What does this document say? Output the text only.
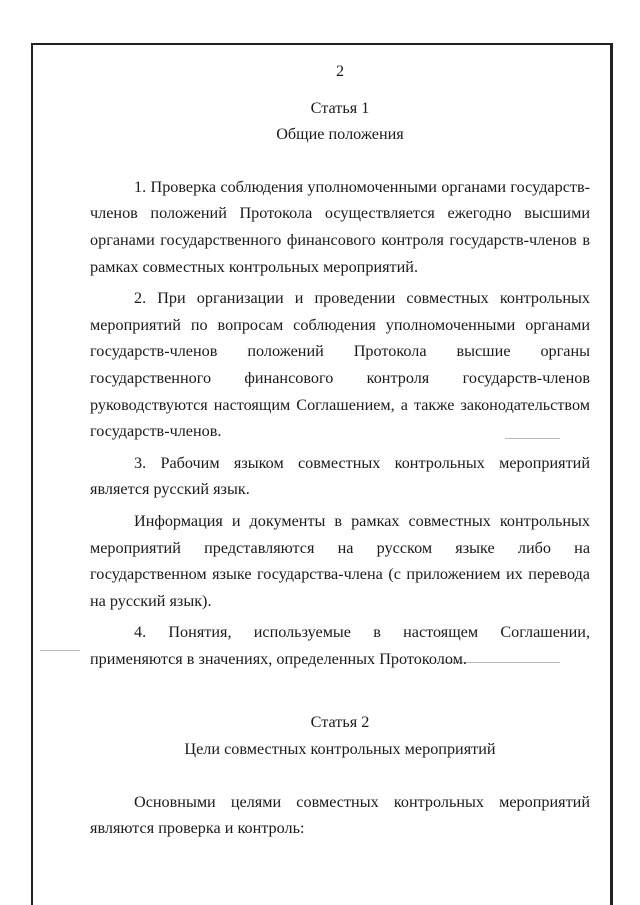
2

Статья 1

Общие положения

1. Проверка соблюдения уполномоченными органами государств-членов положений Протокола осуществляется ежегодно высшими органами государственного финансового контроля государств-членов в рамках совместных контрольных мероприятий.

2. При организации и проведении совместных контрольных мероприятий по вопросам соблюдения уполномоченными органами государств-членов положений Протокола высшие органы государственного финансового контроля государств-членов руководствуются настоящим Соглашением, а также законодательством государств-членов.

3. Рабочим языком совместных контрольных мероприятий является русский язык.

Информация и документы в рамках совместных контрольных мероприятий представляются на русском языке либо на государственном языке государства-члена (с приложением их перевода на русский язык).

4. Понятия, используемые в настоящем Соглашении, применяются в значениях, определенных Протоколом.

Статья 2

Цели совместных контрольных мероприятий

Основными целями совместных контрольных мероприятий являются проверка и контроль:
